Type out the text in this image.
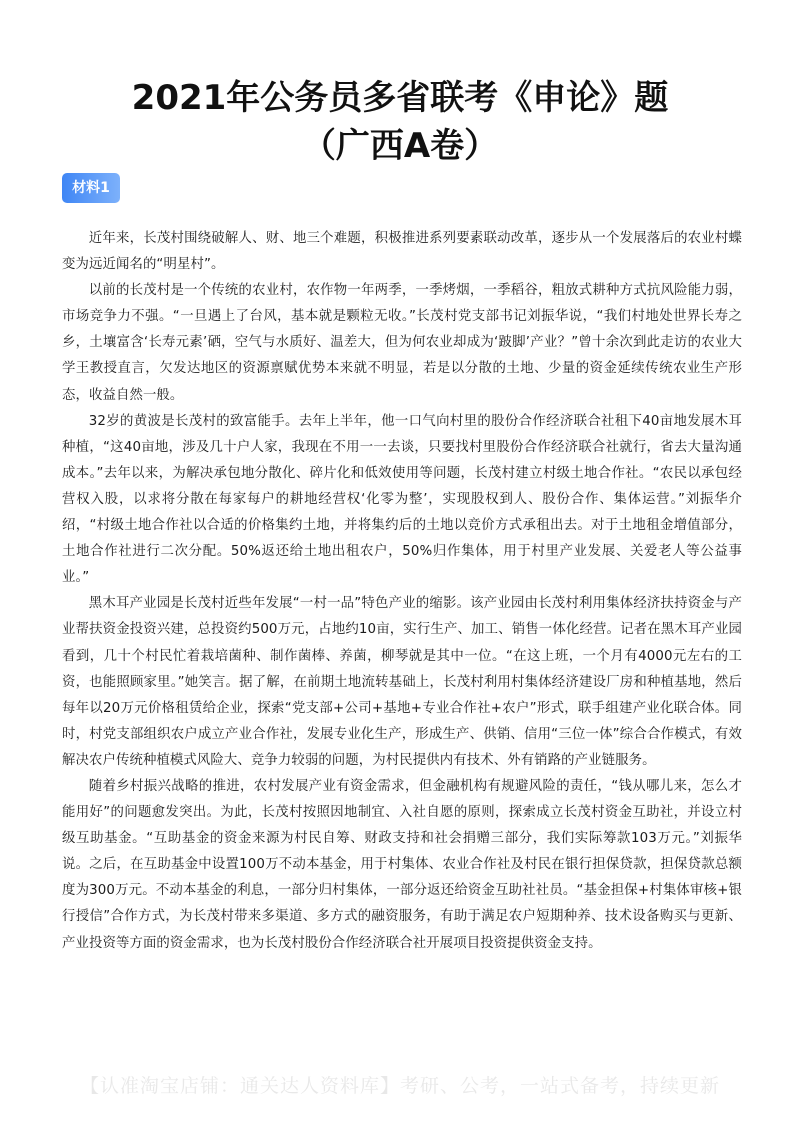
2021年公务员多省联考《申论》题
（广西A卷）
材料1

近年来，长茂村围绕破解人、财、地三个难题，积极推进系列要素联动改革，逐步从一个发展落后的农业村蝶变为远近闻名的“明星村”。

以前的长茂村是一个传统的农业村，农作物一年两季，一季烤烟，一季稻谷，粗放式耕种方式抗风险能力弱，市场竞争力不强。“一旦遇上了台风，基本就是颗粒无收。”长茂村党支部书记刘振华说，“我们村地处世界长寿之乡，土壤富含‘长寿元素’硒，空气与水质好、温差大，但为何农业却成为‘跛脚’产业？”曾十余次到此走访的农业大学王教授直言，欠发达地区的资源禀赋优势本来就不明显，若是以分散的土地、少量的资金延续传统农业生产形态，收益自然一般。

32岁的黄波是长茂村的致富能手。去年上半年，他一口气向村里的股份合作经济联合社租下40亩地发展木耳种植，“这40亩地，涉及几十户人家，我现在不用一一去谈，只要找村里股份合作经济联合社就行，省去大量沟通成本。”去年以来，为解决承包地分散化、碎片化和低效使用等问题，长茂村建立村级土地合作社。“农民以承包经营权入股，以求将分散在每家每户的耕地经营权‘化零为整’，实现股权到人、股份合作、集体运营。”刘振华介绍，“村级土地合作社以合适的价格集约土地，并将集约后的土地以竞价方式承租出去。对于土地租金增值部分，土地合作社进行二次分配。50%返还给土地出租农户，50%归作集体，用于村里产业发展、关爱老人等公益事业。”

黑木耳产业园是长茂村近些年发展“一村一品”特色产业的缩影。该产业园由长茂村利用集体经济扶持资金与产业帮扶资金投资兴建，总投资约500万元，占地约10亩，实行生产、加工、销售一体化经营。记者在黑木耳产业园看到，几十个村民忙着栽培菌种、制作菌棒、养菌，柳琴就是其中一位。“在这上班，一个月有4000元左右的工资，也能照顾家里。”她笑言。据了解，在前期土地流转基础上，长茂村利用村集体经济建设厂房和种植基地，然后每年以20万元价格租赁给企业，探索“党支部+公司+基地+专业合作社+农户”形式，联手组建产业化联合体。同时，村党支部组织农户成立产业合作社，发展专业化生产，形成生产、供销、信用“三位一体”综合合作模式，有效解决农户传统种植模式风险大、竞争力较弱的问题，为村民提供内有技术、外有销路的产业链服务。

随着乡村振兴战略的推进，农村发展产业有资金需求，但金融机构有规避风险的责任，“钱从哪儿来，怎么才能用好”的问题愈发突出。为此，长茂村按照因地制宜、入社自愿的原则，探索成立长茂村资金互助社，并设立村级互助基金。“互助基金的资金来源为村民自筹、财政支持和社会捐赠三部分，我们实际筹款103万元。”刘振华说。之后，在互助基金中设置100万不动本基金，用于村集体、农业合作社及村民在银行担保贷款，担保贷款总额度为300万元。不动本基金的利息，一部分归村集体，一部分返还给资金互助社社员。“基金担保+村集体审核+银行授信”合作方式，为长茂村带来多渠道、多方式的融资服务，有助于满足农户短期种养、技术设备购买与更新、产业投资等方面的资金需求，也为长茂村股份合作经济联合社开展项目投资提供资金支持。

【认准淘宝店铺：通关达人资料库】考研、公考，一站式备考，持续更新
